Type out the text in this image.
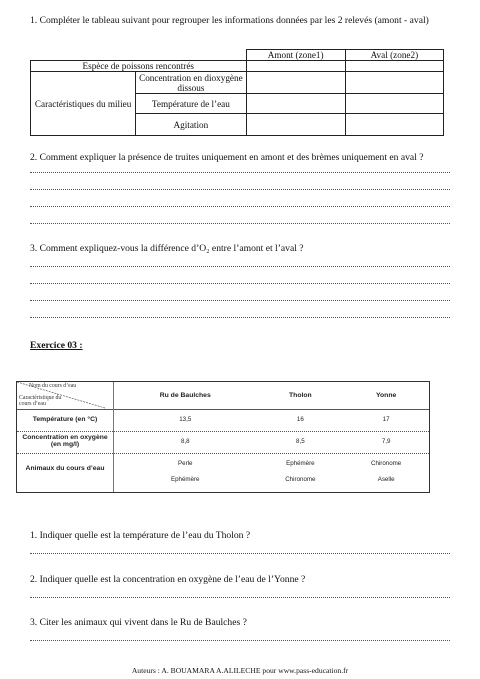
1. Compléter le tableau suivant pour regrouper les informations données par les 2 relevés (amont - aval)
		Amont (zone1)	Aval (zone2)
Espèce de poissons rencontrés			
Caractéristiques du milieu	Concentration en dioxygène dissous		
	Température de l’eau		
	Agitation		
2. Comment expliquer la présence de truites uniquement en amont et des brèmes uniquement en aval ?
3. Comment expliquez-vous la différence d’O₂ entre l’amont et l’aval ?
Exercice 03 :
Nom du cours d’eau
Caractéristique du cours d’eau	Ru de Baulches	Tholon	Yonne
Température (en °C)	13,5	16	17
Concentration en oxygène (en mg/l)	8,8	8,5	7,9
Animaux du cours d’eau	Perle	Ephémère	Chironome
	Ephémère	Chironome	Aselle
1. Indiquer quelle est la température de l’eau du Tholon ?
2. Indiquer quelle est la concentration en oxygène de l’eau de l’Yonne ?
3. Citer les animaux qui vivent dans le Ru de Baulches ?
Auteurs : A. BOUAMARA A.ALILECHE pour www.pass-education.fr
